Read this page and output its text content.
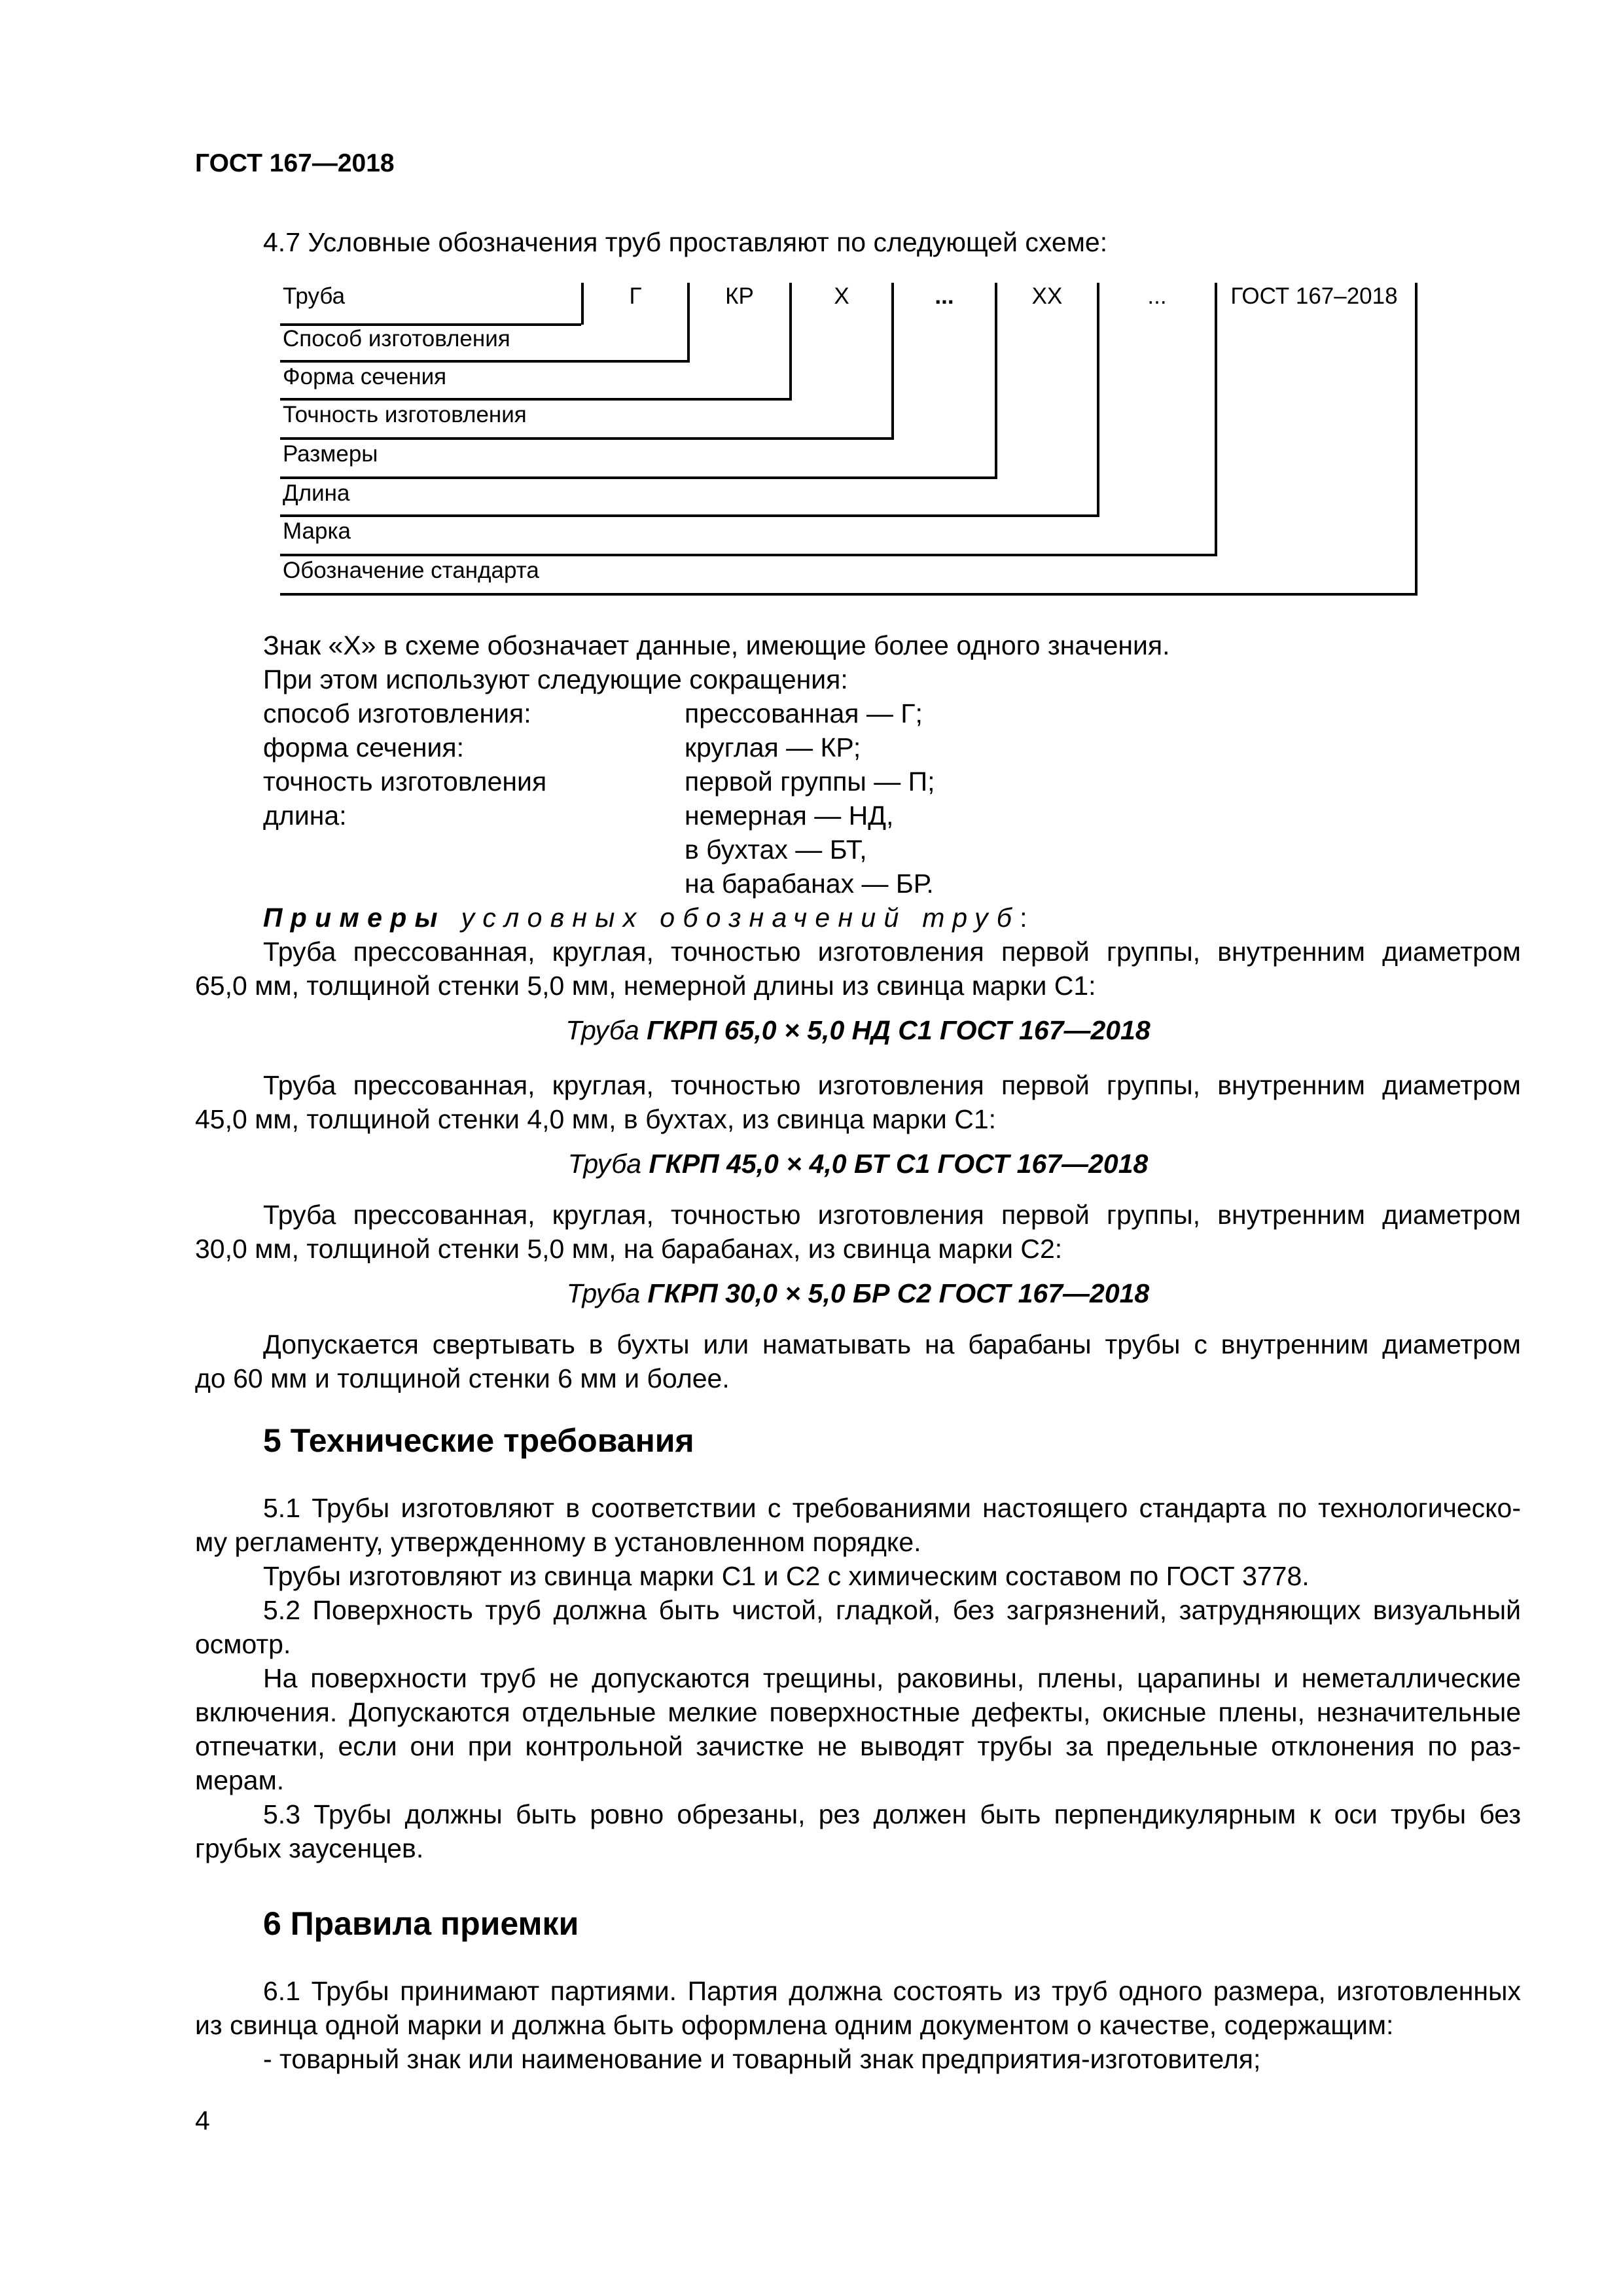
ГОСТ 167—2018
4.7 Условные обозначения труб проставляют по следующей схеме:
Труба	Г	КР	Х	...	ХХ	...	ГОСТ 167–2018
Способ изготовления
Форма сечения
Точность изготовления
Размеры
Длина
Марка
Обозначение стандарта
Знак «Х» в схеме обозначает данные, имеющие более одного значения.
При этом используют следующие сокращения:
способ изготовления:	прессованная — Г;
форма сечения:	круглая — КР;
точность изготовления	первой группы — П;
длина:	немерная — НД,
в бухтах — БТ,
на барабанах — БР.
Примеры условных обозначений труб:
Труба прессованная, круглая, точностью изготовления первой группы, внутренним диаметром
65,0 мм, толщиной стенки 5,0 мм, немерной длины из свинца марки С1:
Труба ГКРП 65,0 × 5,0 НД С1 ГОСТ 167—2018
Труба прессованная, круглая, точностью изготовления первой группы, внутренним диаметром
45,0 мм, толщиной стенки 4,0 мм, в бухтах, из свинца марки С1:
Труба ГКРП 45,0 × 4,0 БТ С1 ГОСТ 167—2018
Труба прессованная, круглая, точностью изготовления первой группы, внутренним диаметром
30,0 мм, толщиной стенки 5,0 мм, на барабанах, из свинца марки С2:
Труба ГКРП 30,0 × 5,0 БР С2 ГОСТ 167—2018
Допускается свертывать в бухты или наматывать на барабаны трубы с внутренним диаметром
до 60 мм и толщиной стенки 6 мм и более.
5 Технические требования
5.1 Трубы изготовляют в соответствии с требованиями настоящего стандарта по технологическо-
му регламенту, утвержденному в установленном порядке.
Трубы изготовляют из свинца марки С1 и С2 с химическим составом по ГОСТ 3778.
5.2 Поверхность труб должна быть чистой, гладкой, без загрязнений, затрудняющих визуальный
осмотр.
На поверхности труб не допускаются трещины, раковины, плены, царапины и неметаллические
включения. Допускаются отдельные мелкие поверхностные дефекты, окисные плены, незначительные
отпечатки, если они при контрольной зачистке не выводят трубы за предельные отклонения по раз-
мерам.
5.3 Трубы должны быть ровно обрезаны, рез должен быть перпендикулярным к оси трубы без
грубых заусенцев.
6 Правила приемки
6.1 Трубы принимают партиями. Партия должна состоять из труб одного размера, изготовленных
из свинца одной марки и должна быть оформлена одним документом о качестве, содержащим:
- товарный знак или наименование и товарный знак предприятия-изготовителя;
4
